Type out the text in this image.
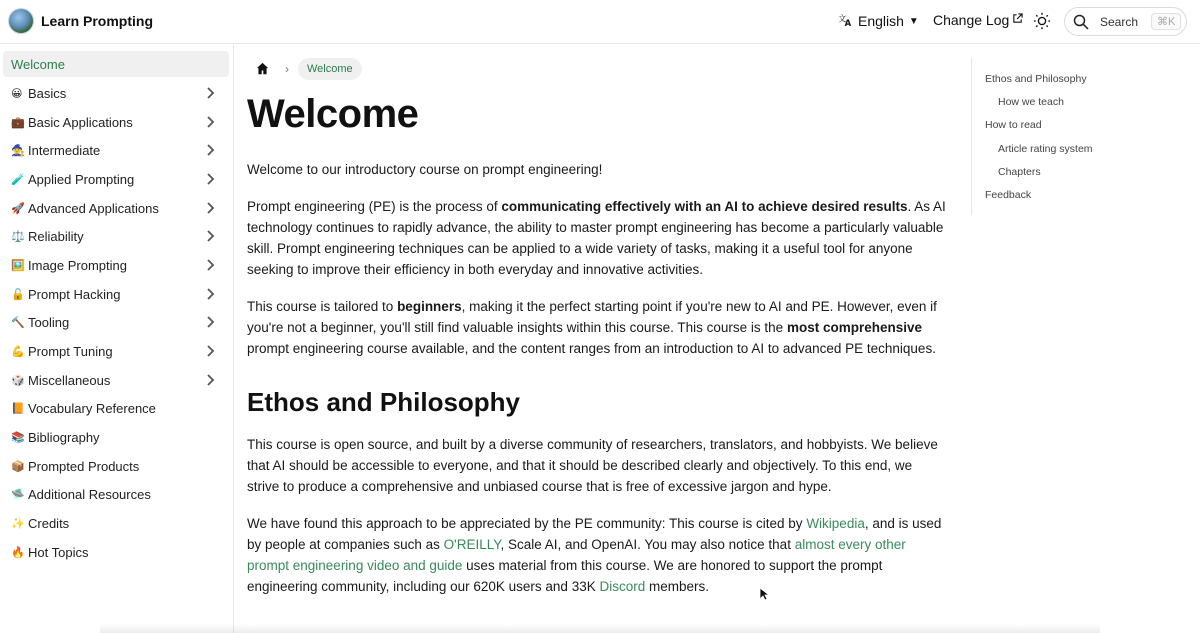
Learn Prompting	文
A English ▼ Change Log	Search	⌘K
Welcome
😀 Basics
💼 Basic Applications
🧙 Intermediate
🧪 Applied Prompting
🚀 Advanced Applications
⚖️ Reliability
🖼️ Image Prompting
🔓 Prompt Hacking
🔨 Tooling
💪 Prompt Tuning
🎲 Miscellaneous
📙 Vocabulary Reference
📚 Bibliography
📦 Prompted Products
🛸 Additional Resources
✨ Credits
🔥 Hot Topics
›	Welcome
Welcome

Welcome to our introductory course on prompt engineering!

Prompt engineering (PE) is the process of communicating effectively with an AI to achieve desired results. As AI technology continues to rapidly advance, the ability to master prompt engineering has become a particularly valuable skill. Prompt engineering techniques can be applied to a wide variety of tasks, making it a useful tool for anyone seeking to improve their efficiency in both everyday and innovative activities.

This course is tailored to beginners, making it the perfect starting point if you're new to AI and PE. However, even if you're not a beginner, you'll still find valuable insights within this course. This course is the most comprehensive prompt engineering course available, and the content ranges from an introduction to AI to advanced PE techniques.

Ethos and Philosophy

This course is open source, and built by a diverse community of researchers, translators, and hobbyists. We believe that AI should be accessible to everyone, and that it should be described clearly and objectively. To this end, we strive to produce a comprehensive and unbiased course that is free of excessive jargon and hype.

We have found this approach to be appreciated by the PE community: This course is cited by Wikipedia, and is used by people at companies such as O'REILLY, Scale AI, and OpenAI. You may also notice that almost every other prompt engineering video and guide uses material from this course. We are honored to support the prompt engineering community, including our 620K users and 33K Discord members.

Ethos and Philosophy
How we teach
How to read
Article rating system
Chapters
Feedback
